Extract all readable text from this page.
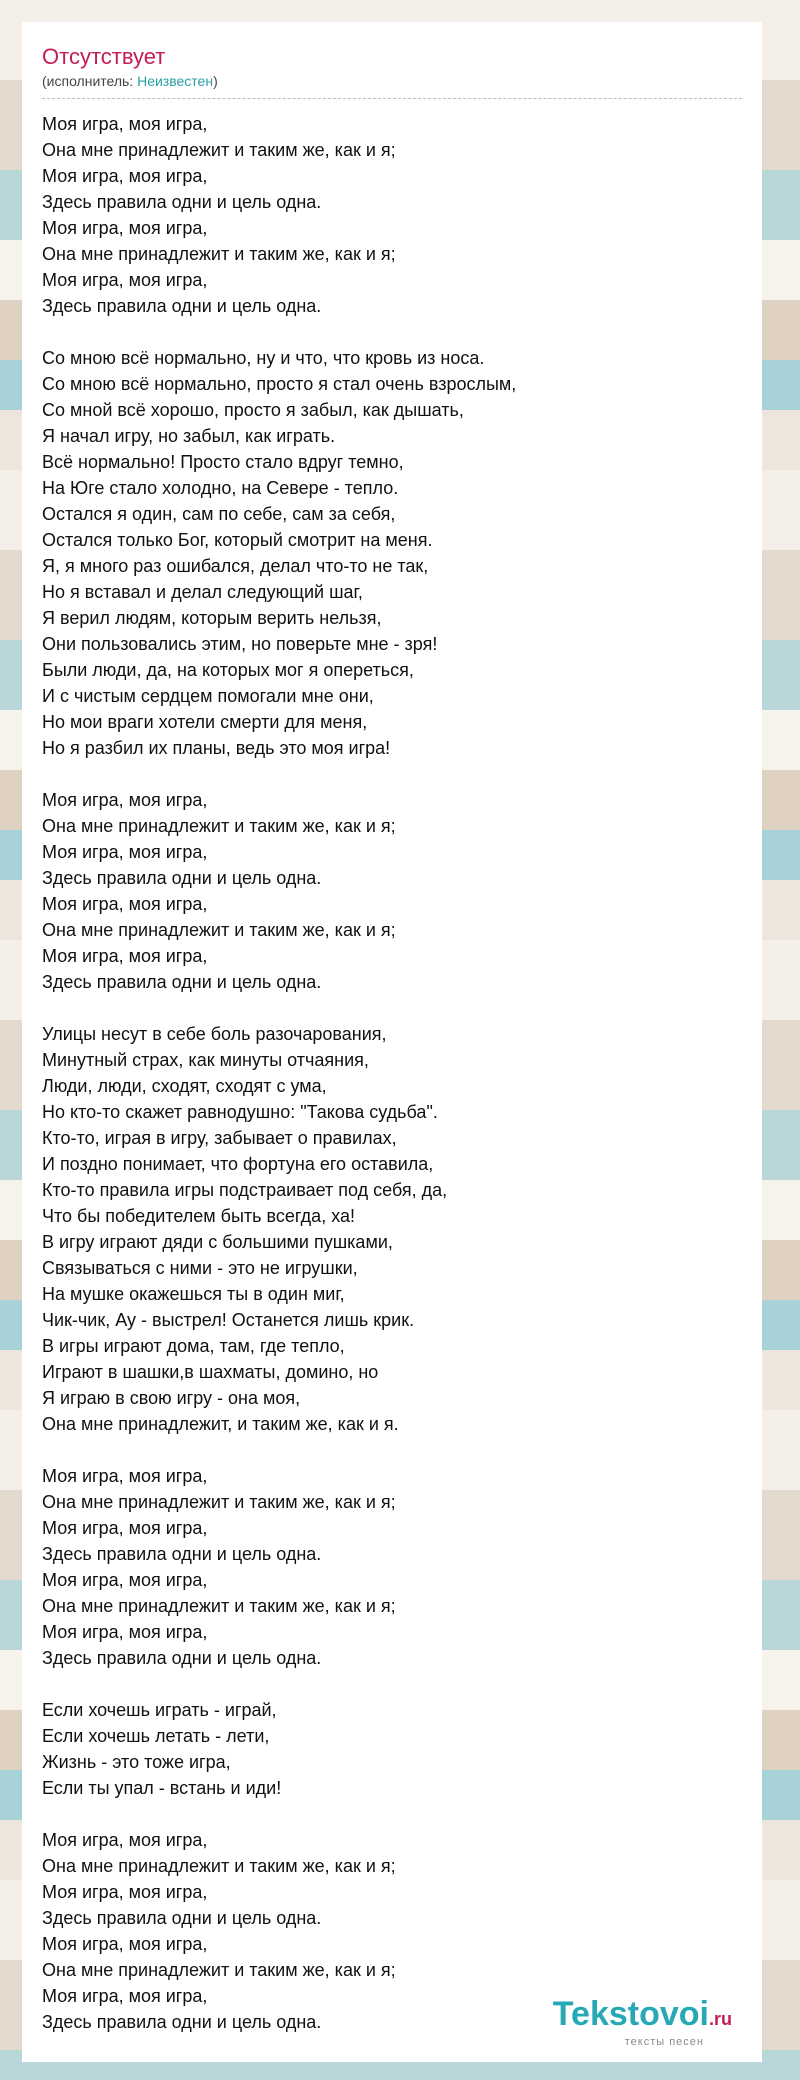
Отсутствует
(исполнитель: Неизвестен)
Моя игра, моя игра,
Она мне принадлежит и таким же, как и я;
Моя игра, моя игра,
Здесь правила одни и цель одна.
Моя игра, моя игра,
Она мне принадлежит и таким же, как и я;
Моя игра, моя игра,
Здесь правила одни и цель одна.
Со мною всё нормально, ну и что, что кровь из носа.
Со мною всё нормально, просто я стал очень взрослым,
Со мной всё хорошо, просто я забыл, как дышать,
Я начал игру, но забыл, как играть.
Всё нормально! Просто стало вдруг темно,
На Юге стало холодно, на Севере - тепло.
Остался я один, сам по себе, сам за себя,
Остался только Бог, который смотрит на меня.
Я, я много раз ошибался, делал что-то не так,
Но я вставал и делал следующий шаг,
Я верил людям, которым верить нельзя,
Они пользовались этим, но поверьте мне - зря!
Были люди, да, на которых мог я опереться,
И с чистым сердцем помогали мне они,
Но мои враги хотели смерти для меня,
Но я разбил их планы, ведь это моя игра!
Моя игра, моя игра,
Она мне принадлежит и таким же, как и я;
Моя игра, моя игра,
Здесь правила одни и цель одна.
Моя игра, моя игра,
Она мне принадлежит и таким же, как и я;
Моя игра, моя игра,
Здесь правила одни и цель одна.
Улицы несут в себе боль разочарования,
Минутный страх, как минуты отчаяния,
Люди, люди, сходят, сходят с ума,
Но кто-то скажет равнодушно: "Такова судьба".
Кто-то, играя в игру, забывает о правилах,
И поздно понимает, что фортуна его оставила,
Кто-то правила игры подстраивает под себя, да,
Что бы победителем быть всегда, ха!
В игру играют дяди с большими пушками,
Связываться с ними - это не игрушки,
На мушке окажешься ты в один миг,
Чик-чик, Ау - выстрел! Останется лишь крик.
В игры играют дома, там, где тепло,
Играют в шашки,в шахматы, домино, но
Я играю в свою игру - она моя,
Она мне принадлежит, и таким же, как и я.
Моя игра, моя игра,
Она мне принадлежит и таким же, как и я;
Моя игра, моя игра,
Здесь правила одни и цель одна.
Моя игра, моя игра,
Она мне принадлежит и таким же, как и я;
Моя игра, моя игра,
Здесь правила одни и цель одна.
Если хочешь играть - играй,
Если хочешь летать - лети,
Жизнь - это тоже игра,
Если ты упал - встань и иди!
Моя игра, моя игра,
Она мне принадлежит и таким же, как и я;
Моя игра, моя игра,
Здесь правила одни и цель одна.
Моя игра, моя игра,
Она мне принадлежит и таким же, как и я;
Моя игра, моя игра,
Здесь правила одни и цель одна.	Tekstovoi.ru
тексты песен
